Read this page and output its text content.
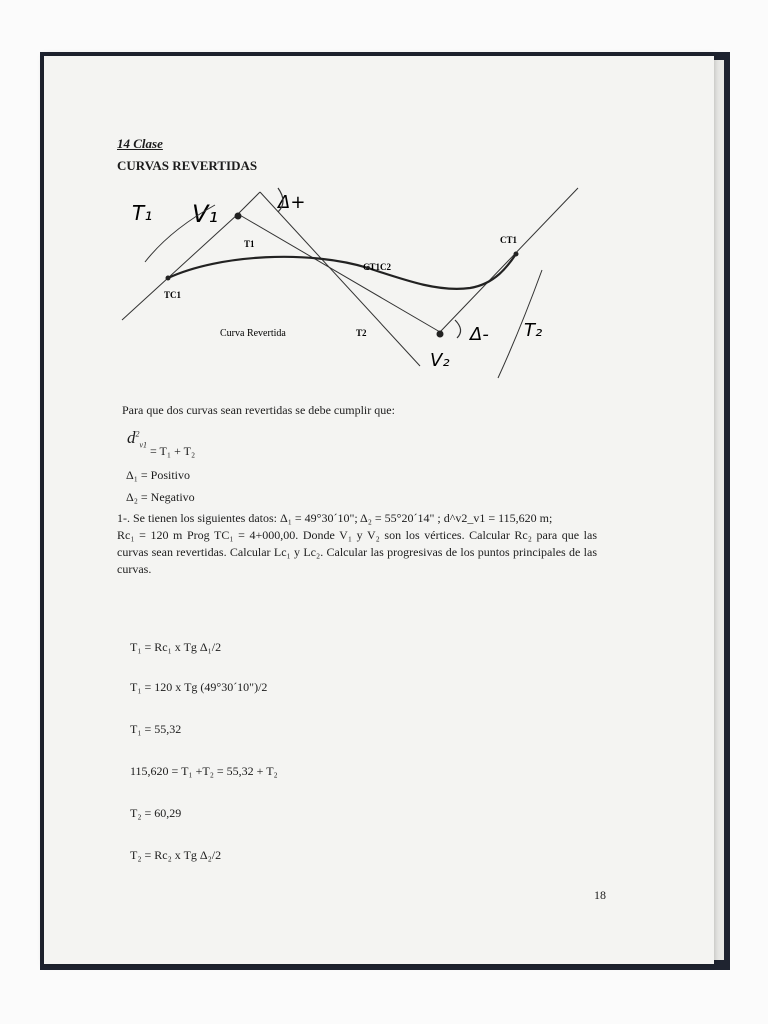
14 Clase
CURVAS REVERTIDAS
T1
CT1C2
CT1
TC1
Curva Revertida	T2
T₁ V₁	Δ+
V₂
Δ- T₂
Para que dos curvas sean revertidas se debe cumplir que:
$d^2_{v1} = T_1 + T_2$
Δ₁ = Positivo
Δ₂ = Negativo
1-. Se tienen los siguientes datos: Δ₁ = 49°30´10"; Δ₂ = 55°20´14" ; d^v2_v1 = 115,620 m;
Rc₁ = 120 m Prog TC₁ = 4+000,00. Donde V₁ y V₂ son los vértices. Calcular Rc₂ para que las curvas sean revertidas. Calcular Lc₁ y Lc₂. Calcular las progresivas de los puntos principales de las curvas.
T₁ = Rc₁ x Tg Δ₁/2
T₁ = 120 x Tg (49°30´10")/2
T₁ = 55,32
115,620 = T₁ +T₂ = 55,32 + T₂
T₂ = 60,29
T₂ = Rc₂ x Tg Δ₂/2
18
